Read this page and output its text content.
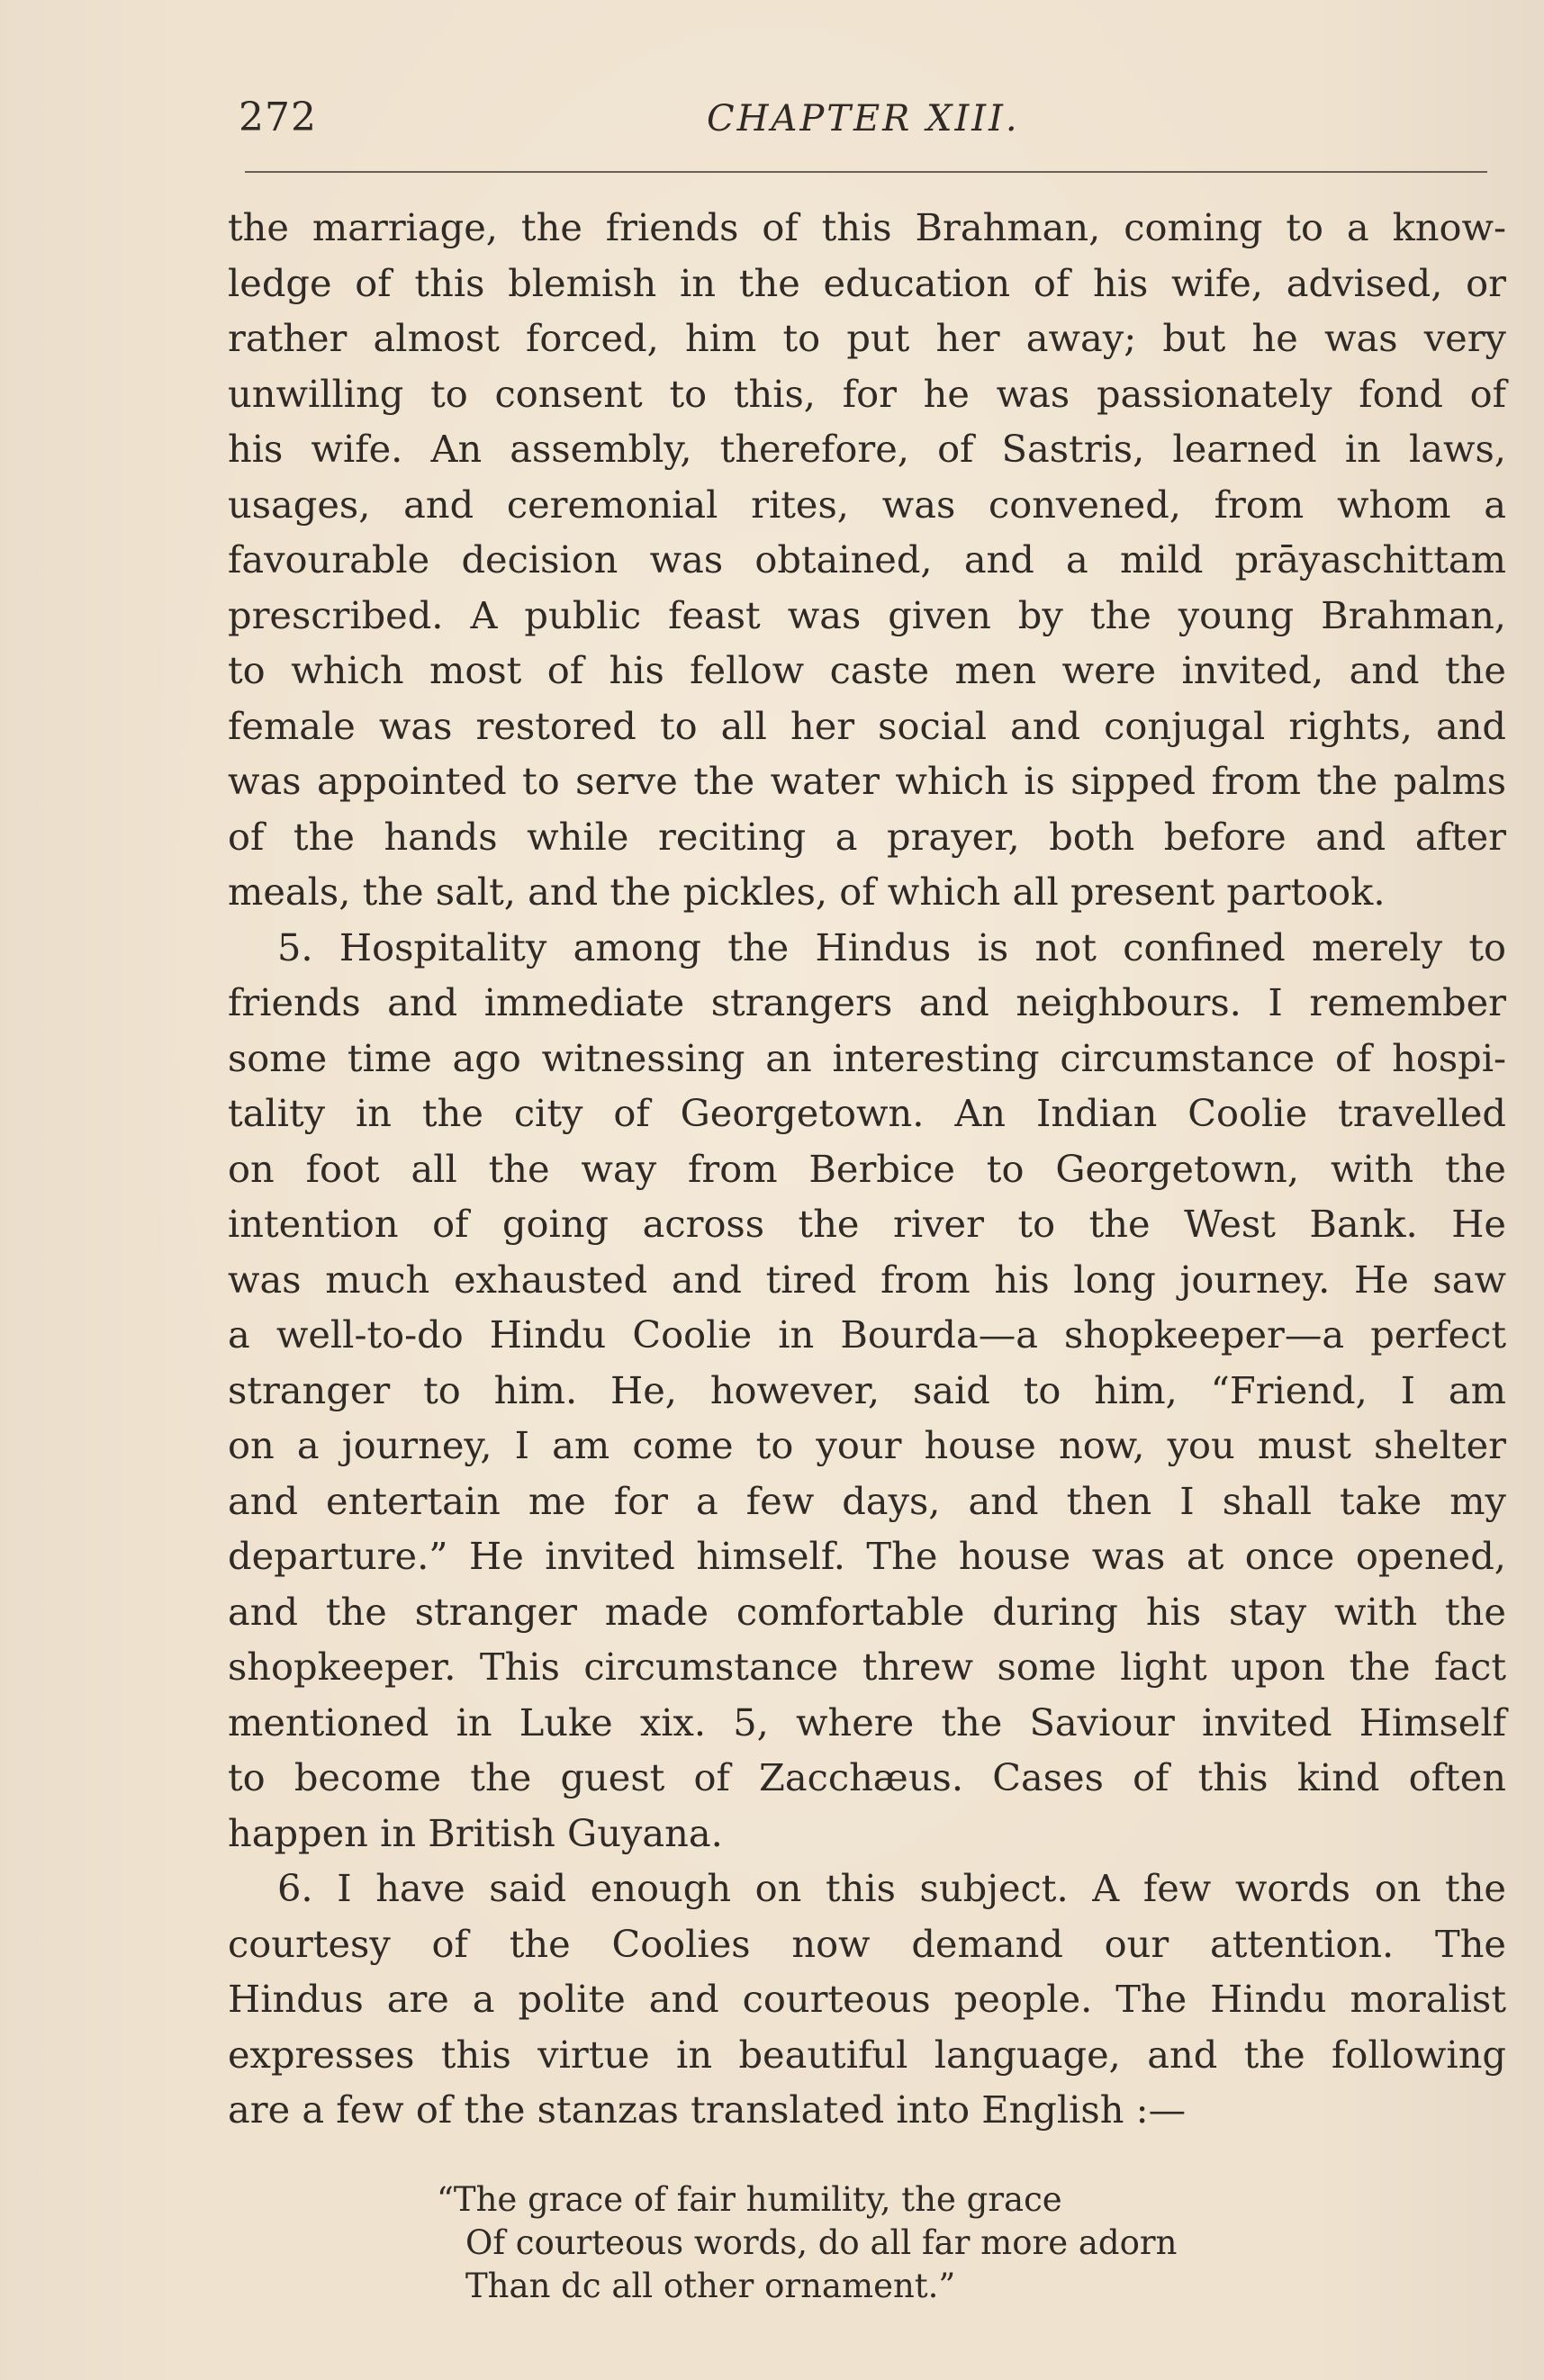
272	CHAPTER XIII.
the marriage, the friends of this Brahman, coming to a know-
ledge of this blemish in the education of his wife, advised, or
rather almost forced, him to put her away; but he was very
unwilling to consent to this, for he was passionately fond of
his wife. An assembly, therefore, of Sastris, learned in laws,
usages, and ceremonial rites, was convened, from whom a
favourable decision was obtained, and a mild prāyaschittam
prescribed. A public feast was given by the young Brahman,
to which most of his fellow caste men were invited, and the
female was restored to all her social and conjugal rights, and
was appointed to serve the water which is sipped from the palms
of the hands while reciting a prayer, both before and after
meals, the salt, and the pickles, of which all present partook.
5. Hospitality among the Hindus is not confined merely to
friends and immediate strangers and neighbours. I remember
some time ago witnessing an interesting circumstance of hospi-
tality in the city of Georgetown. An Indian Coolie travelled
on foot all the way from Berbice to Georgetown, with the
intention of going across the river to the West Bank. He
was much exhausted and tired from his long journey. He saw
a well-to-do Hindu Coolie in Bourda—a shopkeeper—a perfect
stranger to him. He, however, said to him, “Friend, I am
on a journey, I am come to your house now, you must shelter
and entertain me for a few days, and then I shall take my
departure.” He invited himself. The house was at once opened,
and the stranger made comfortable during his stay with the
shopkeeper. This circumstance threw some light upon the fact
mentioned in Luke xix. 5, where the Saviour invited Himself
to become the guest of Zacchæus. Cases of this kind often
happen in British Guyana.
6. I have said enough on this subject. A few words on the
courtesy of the Coolies now demand our attention. The
Hindus are a polite and courteous people. The Hindu moralist
expresses this virtue in beautiful language, and the following
are a few of the stanzas translated into English :—
“The grace of fair humility, the grace
Of courteous words, do all far more adorn
Than dc all other ornament.”
